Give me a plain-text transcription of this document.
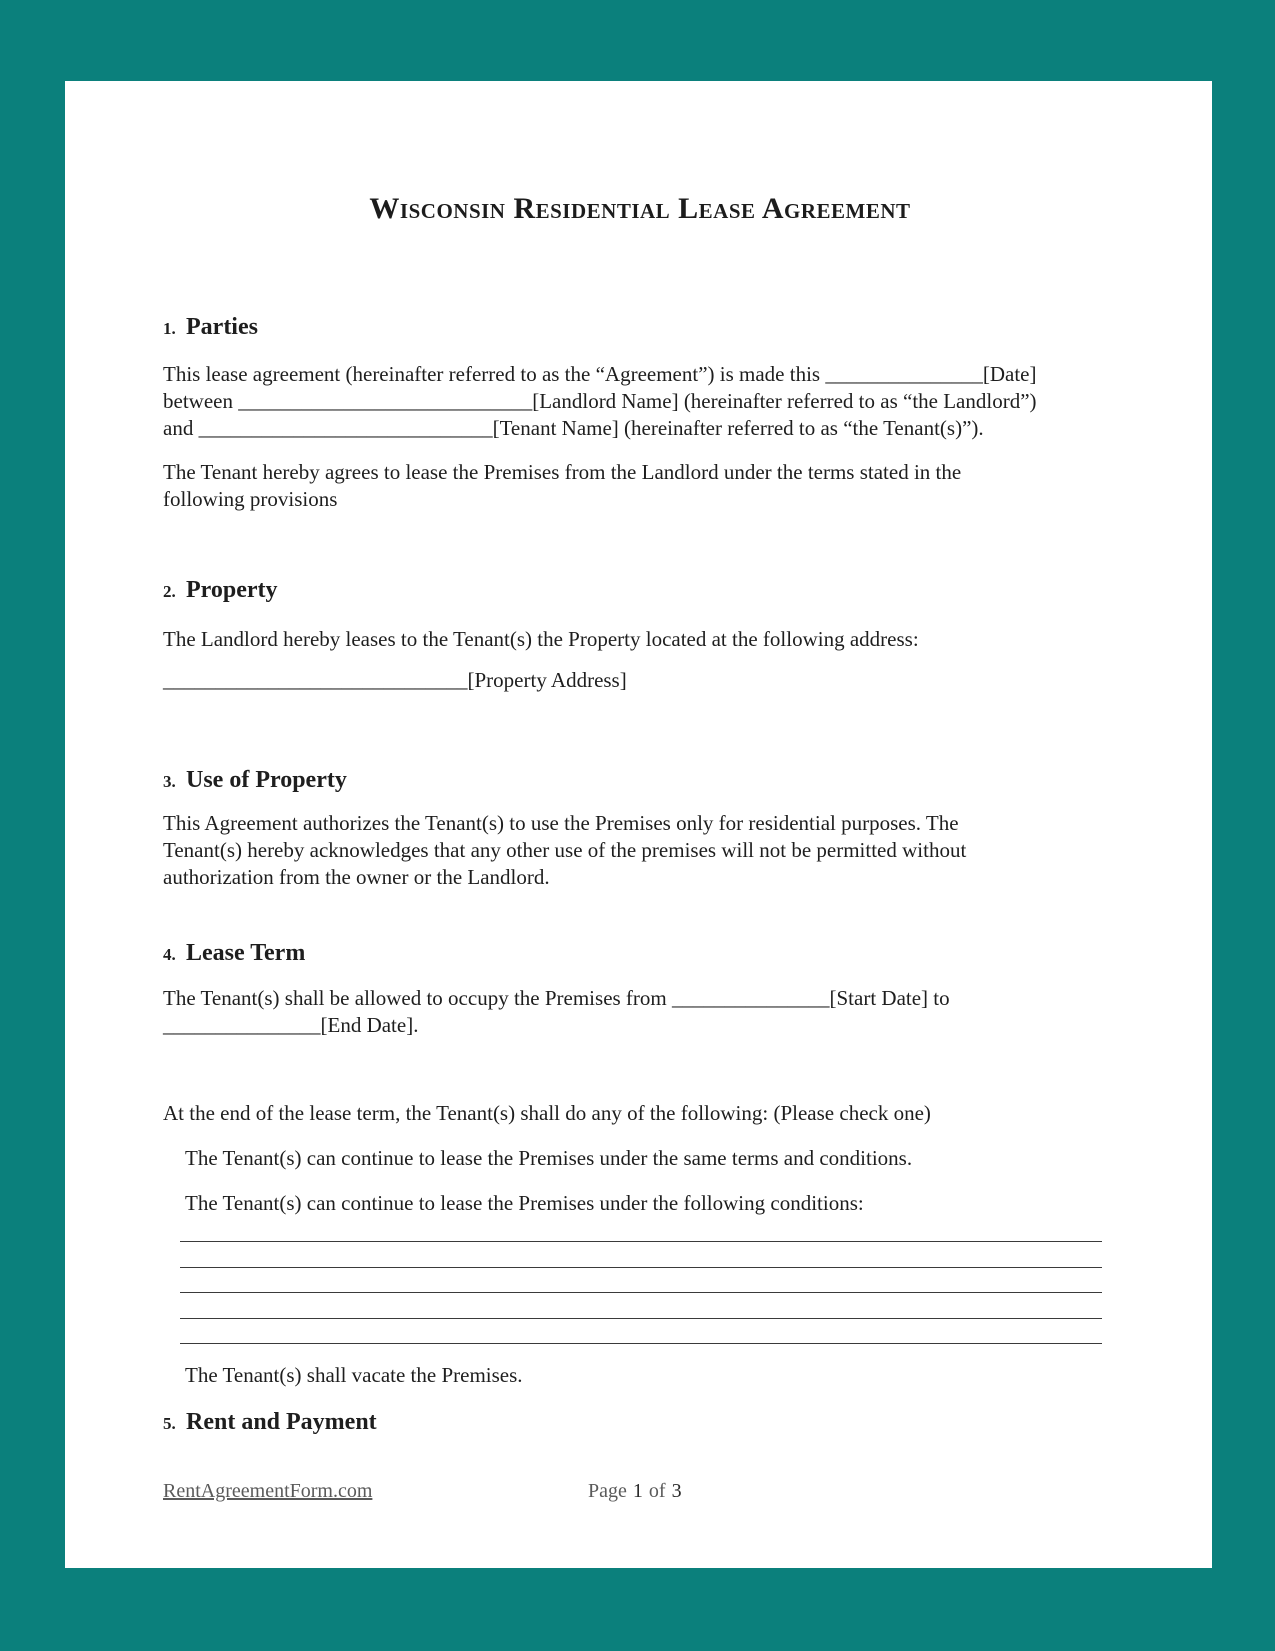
Wisconsin Residential Lease Agreement
1. Parties
This lease agreement (hereinafter referred to as the “Agreement”) is made this _______________[Date]
between ____________________________[Landlord Name] (hereinafter referred to as “the Landlord”)
and ____________________________[Tenant Name] (hereinafter referred to as “the Tenant(s)”).
The Tenant hereby agrees to lease the Premises from the Landlord under the terms stated in the
following provisions
2. Property
The Landlord hereby leases to the Tenant(s) the Property located at the following address:
_____________________________[Property Address]
3. Use of Property
This Agreement authorizes the Tenant(s) to use the Premises only for residential purposes. The
Tenant(s) hereby acknowledges that any other use of the premises will not be permitted without
authorization from the owner or the Landlord.
4. Lease Term
The Tenant(s) shall be allowed to occupy the Premises from _______________[Start Date] to
_______________[End Date].
At the end of the lease term, the Tenant(s) shall do any of the following: (Please check one)
The Tenant(s) can continue to lease the Premises under the same terms and conditions.
The Tenant(s) can continue to lease the Premises under the following conditions:
The Tenant(s) shall vacate the Premises.
5. Rent and Payment
RentAgreementForm.com	Page 1 of 3
